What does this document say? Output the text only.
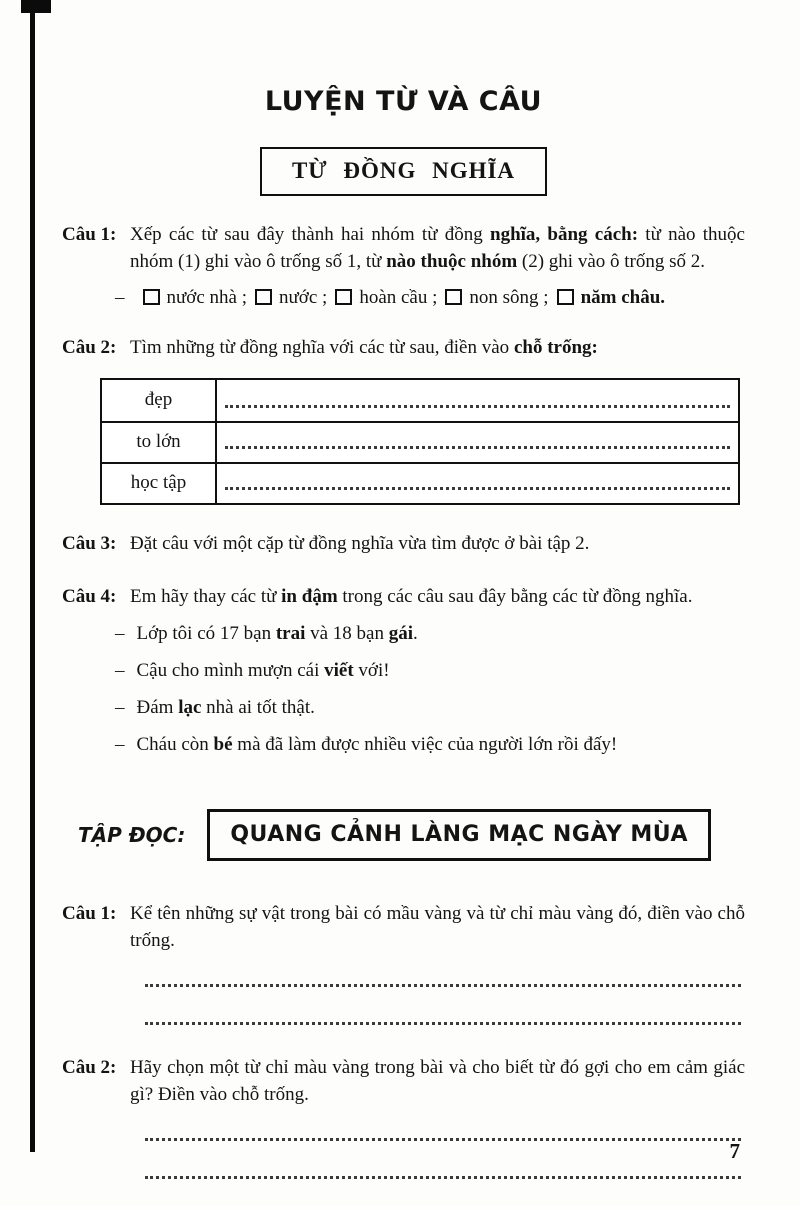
LUYỆN TỪ VÀ CÂU
TỪ ĐỒNG NGHĨA
Câu 1: Xếp các từ sau đây thành hai nhóm từ đồng nghĩa, bằng cách: từ nào thuộc nhóm (1) ghi vào ô trống số 1, từ nào thuộc nhóm (2) ghi vào ô trống số 2.
– nước nhà ; nước ; hoàn cầu ; non sông ; năm châu.
Câu 2: Tìm những từ đồng nghĩa với các từ sau, điền vào chỗ trống:
đẹp
to lớn
học tập
Câu 3: Đặt câu với một cặp từ đồng nghĩa vừa tìm được ở bài tập 2.
Câu 4: Em hãy thay các từ in đậm trong các câu sau đây bằng các từ đồng nghĩa.
– Lớp tôi có 17 bạn trai và 18 bạn gái.
– Cậu cho mình mượn cái viết với!
– Đám lạc nhà ai tốt thật.
– Cháu còn bé mà đã làm được nhiều việc của người lớn rồi đấy!
TẬP ĐỌC:	QUANG CẢNH LÀNG MẠC NGÀY MÙA
Câu 1: Kể tên những sự vật trong bài có mầu vàng và từ chỉ màu vàng đó, điền vào chỗ trống.
Câu 2: Hãy chọn một từ chỉ màu vàng trong bài và cho biết từ đó gợi cho em cảm giác gì? Điền vào chỗ trống.
7
